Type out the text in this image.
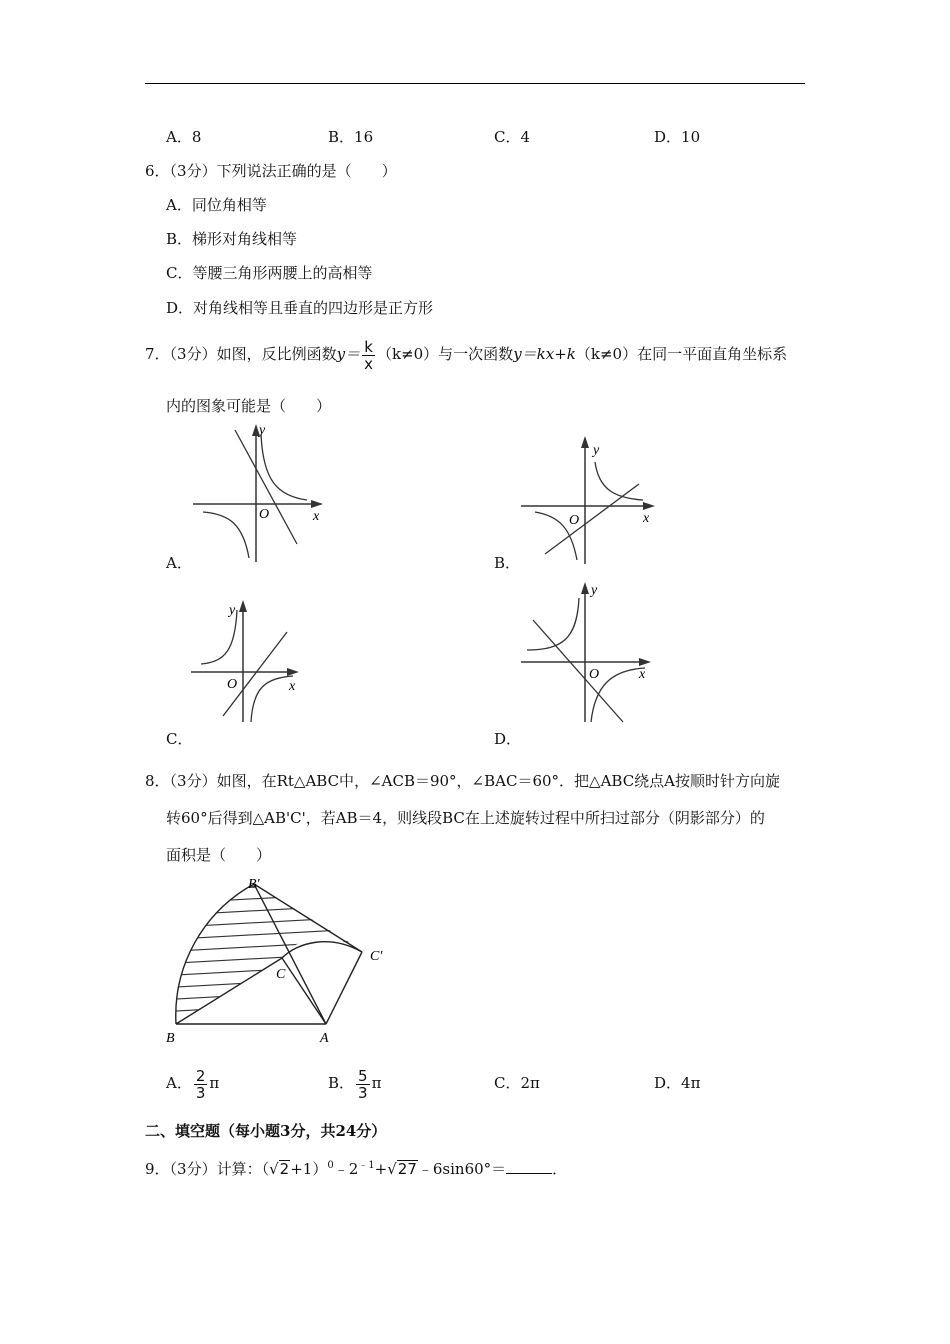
A．8	B．16	C．4	D．10
6．（3分）下列说法正确的是（　　）
A．同位角相等
B．梯形对角线相等
C．等腰三角形两腰上的高相等
D．对角线相等且垂直的四边形是正方形
7．（3分）如图，反比例函数$y= \frac{k}{x} (k\ne 0)$与一次函数y＝kx+k（k≠0）在同一平面直角坐标系
内的图象可能是（　　）
y
x
O
A．
y
x
O
B．
y
x
O
C．
y
x
O
D．
8．（3分）如图，在Rt△ABC中，∠ACB＝90°，∠BAC＝60°．把△ABC绕点A按顺时针方向旋
转60°后得到△AB'C'，若AB＝4，则线段BC在上述旋转过程中所扫过部分（阴影部分）的
面积是（　　）
B′
C′
C
B	A
A． $\frac{2}{3}$ π	B． $\frac{5}{3}$ π	C．2π	D．4π
二、填空题（每小题3分，共24分）
9．（3分）计算：$(√2+1)^0﹣2^{﹣1}+√27﹣6\sin 60^\circ=$	．
